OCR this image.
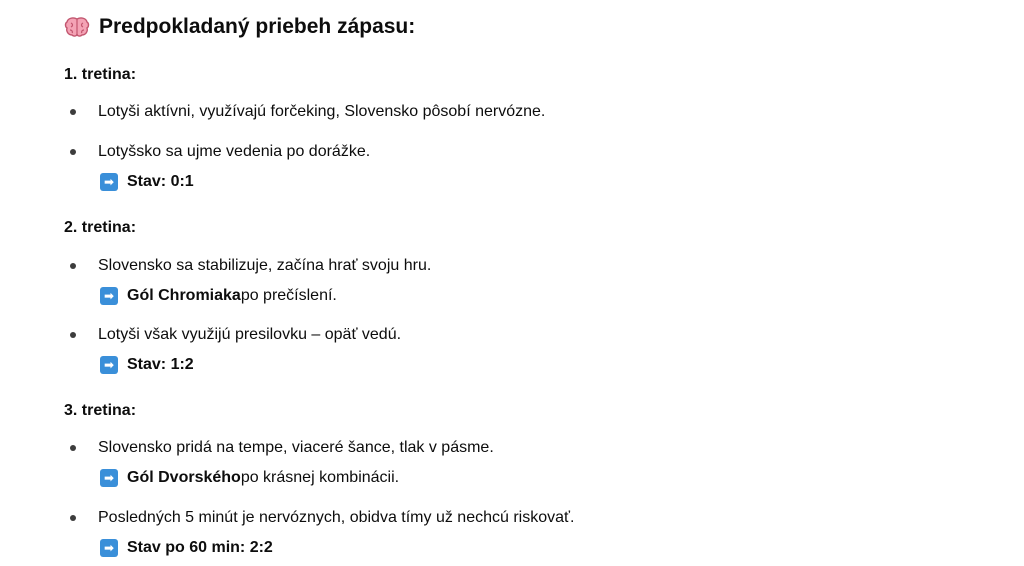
Predpokladaný priebeh zápasu:
1. tretina:
Lotyši aktívni, využívajú forčeking, Slovensko pôsobí nervózne.
Lotyšsko sa ujme vedenia po dorážke.
➡ Stav: 0:1
2. tretina:
Slovensko sa stabilizuje, začína hrať svoju hru.
➡ Gól Chromiaka po prečíslení.
Lotyši však využijú presilovku – opäť vedú.
➡ Stav: 1:2
3. tretina:
Slovensko pridá na tempe, viaceré šance, tlak v pásme.
➡ Gól Dvorského po krásnej kombinácii.
Posledných 5 minút je nervóznych, obidva tímy už nechcú riskovať.
➡ Stav po 60 min: 2:2
